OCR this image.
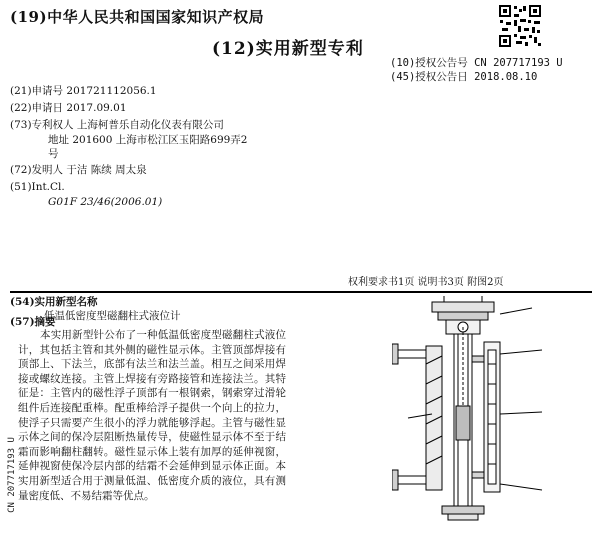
(19)中华人民共和国国家知识产权局
(12)实用新型专利
(10)授权公告号 CN 207717193 U
(45)授权公告日 2018.08.10
(21)申请号 201721112056.1
(22)申请日 2017.09.01
(73)专利权人 上海柯普乐自动化仪表有限公司
地址 201600 上海市松江区玉阳路699弄2
号
(72)发明人 于洁 陈续 周太泉
(51)Int.Cl.
G01F 23/46(2006.01)
权利要求书1页 说明书3页 附图2页
(54)实用新型名称
低温低密度型磁翻柱式液位计
(57)摘要
本实用新型针公布了一种低温低密度型磁翻柱式液位计，其包括主管和其外侧的磁性显示体。主管顶部焊接有顶部上、下法兰，底部有法兰和法兰盖。相互之间采用焊接或螺纹连接。主管上焊接有旁路接管和连接法兰。其特征是：主管内的磁性浮子顶部有一根钢索，钢索穿过滑轮组件后连接配重棒。配重棒给浮子提供一个向上的拉力，使浮子只需要产生很小的浮力就能够浮起。主管与磁性显示体之间的保冷层阻断热量传导，使磁性显示体不至于结霜而影响翻柱翻转。磁性显示体上装有加厚的延伸视窗，延伸视窗使保冷层内部的结霜不会延伸到显示体正面。本实用新型适合用于测量低温、低密度介质的液位，具有测量密度低、不易结霜等优点。
CN 207717193 U
